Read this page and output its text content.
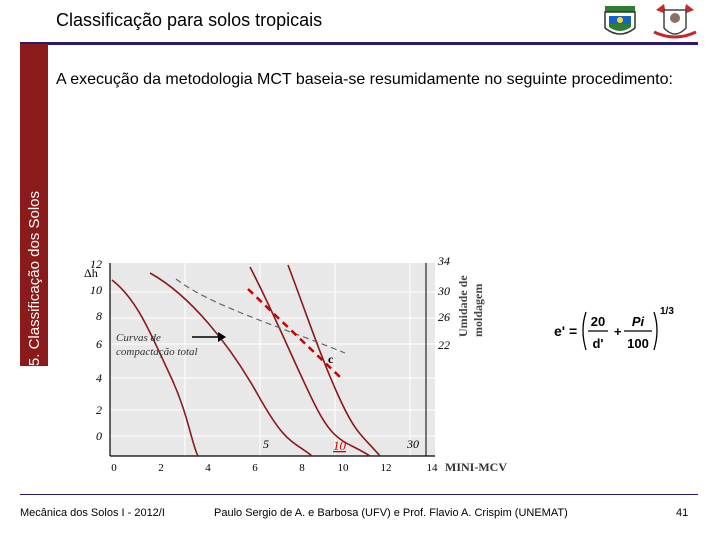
Classificação para solos tropicais
5. Classificação dos Solos
A execução da metodologia MCT baseia-se resumidamente no seguinte procedimento:
Δh
12
10
8
6
4
2
0
34
30
26
22
Umidade de moldagem
Curvas de
compactação total	c
5	10	30
0	2	4	6	8	10	12	14 MINI-MCV
e' =
20
d'
+
Pi
100
1/3
Mecânica dos Solos I - 2012/I	Paulo Sergio de A. e Barbosa (UFV) e Prof. Flavio A. Crispim (UNEMAT)	41
